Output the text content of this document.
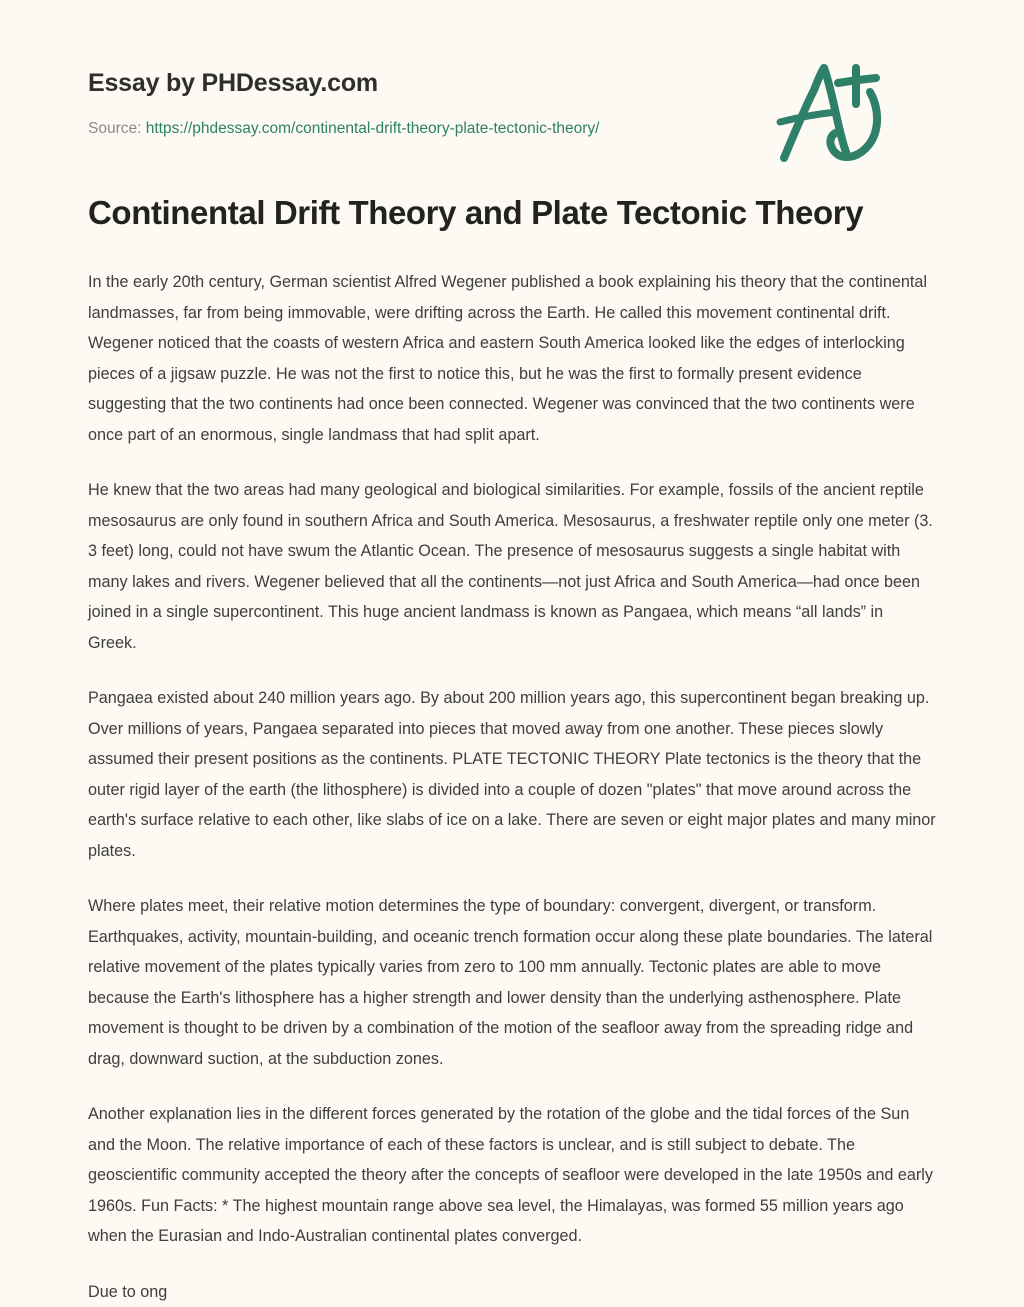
Essay by PHDessay.com
Source: https://phdessay.com/continental-drift-theory-plate-tectonic-theory/
Continental Drift Theory and Plate Tectonic Theory

In the early 20th century, German scientist Alfred Wegener published a book explaining his theory that the continental landmasses, far from being immovable, were drifting across the Earth. He called this movement continental drift. Wegener noticed that the coasts of western Africa and eastern South America looked like the edges of interlocking pieces of a jigsaw puzzle. He was not the first to notice this, but he was the first to formally present evidence suggesting that the two continents had once been connected. Wegener was convinced that the two continents were once part of an enormous, single landmass that had split apart.

He knew that the two areas had many geological and biological similarities. For example, fossils of the ancient reptile mesosaurus are only found in southern Africa and South America. Mesosaurus, a freshwater reptile only one meter (3. 3 feet) long, could not have swum the Atlantic Ocean. The presence of mesosaurus suggests a single habitat with many lakes and rivers. Wegener believed that all the continents—not just Africa and South America—had once been joined in a single supercontinent. This huge ancient landmass is known as Pangaea, which means “all lands” in Greek.

Pangaea existed about 240 million years ago. By about 200 million years ago, this supercontinent began breaking up. Over millions of years, Pangaea separated into pieces that moved away from one another. These pieces slowly assumed their present positions as the continents. PLATE TECTONIC THEORY Plate tectonics is the theory that the outer rigid layer of the earth (the lithosphere) is divided into a couple of dozen "plates" that move around across the earth's surface relative to each other, like slabs of ice on a lake. There are seven or eight major plates and many minor plates.

Where plates meet, their relative motion determines the type of boundary: convergent, divergent, or transform. Earthquakes, activity, mountain-building, and oceanic trench formation occur along these plate boundaries. The lateral relative movement of the plates typically varies from zero to 100 mm annually. Tectonic plates are able to move because the Earth's lithosphere has a higher strength and lower density than the underlying asthenosphere. Plate movement is thought to be driven by a combination of the motion of the seafloor away from the spreading ridge and drag, downward suction, at the subduction zones.

Another explanation lies in the different forces generated by the rotation of the globe and the tidal forces of the Sun and the Moon. The relative importance of each of these factors is unclear, and is still subject to debate. The geoscientific community accepted the theory after the concepts of seafloor were developed in the late 1950s and early 1960s. Fun Facts: * The highest mountain range above sea level, the Himalayas, was formed 55 million years ago when the Eurasian and Indo-Australian continental plates converged.

Due to ong
